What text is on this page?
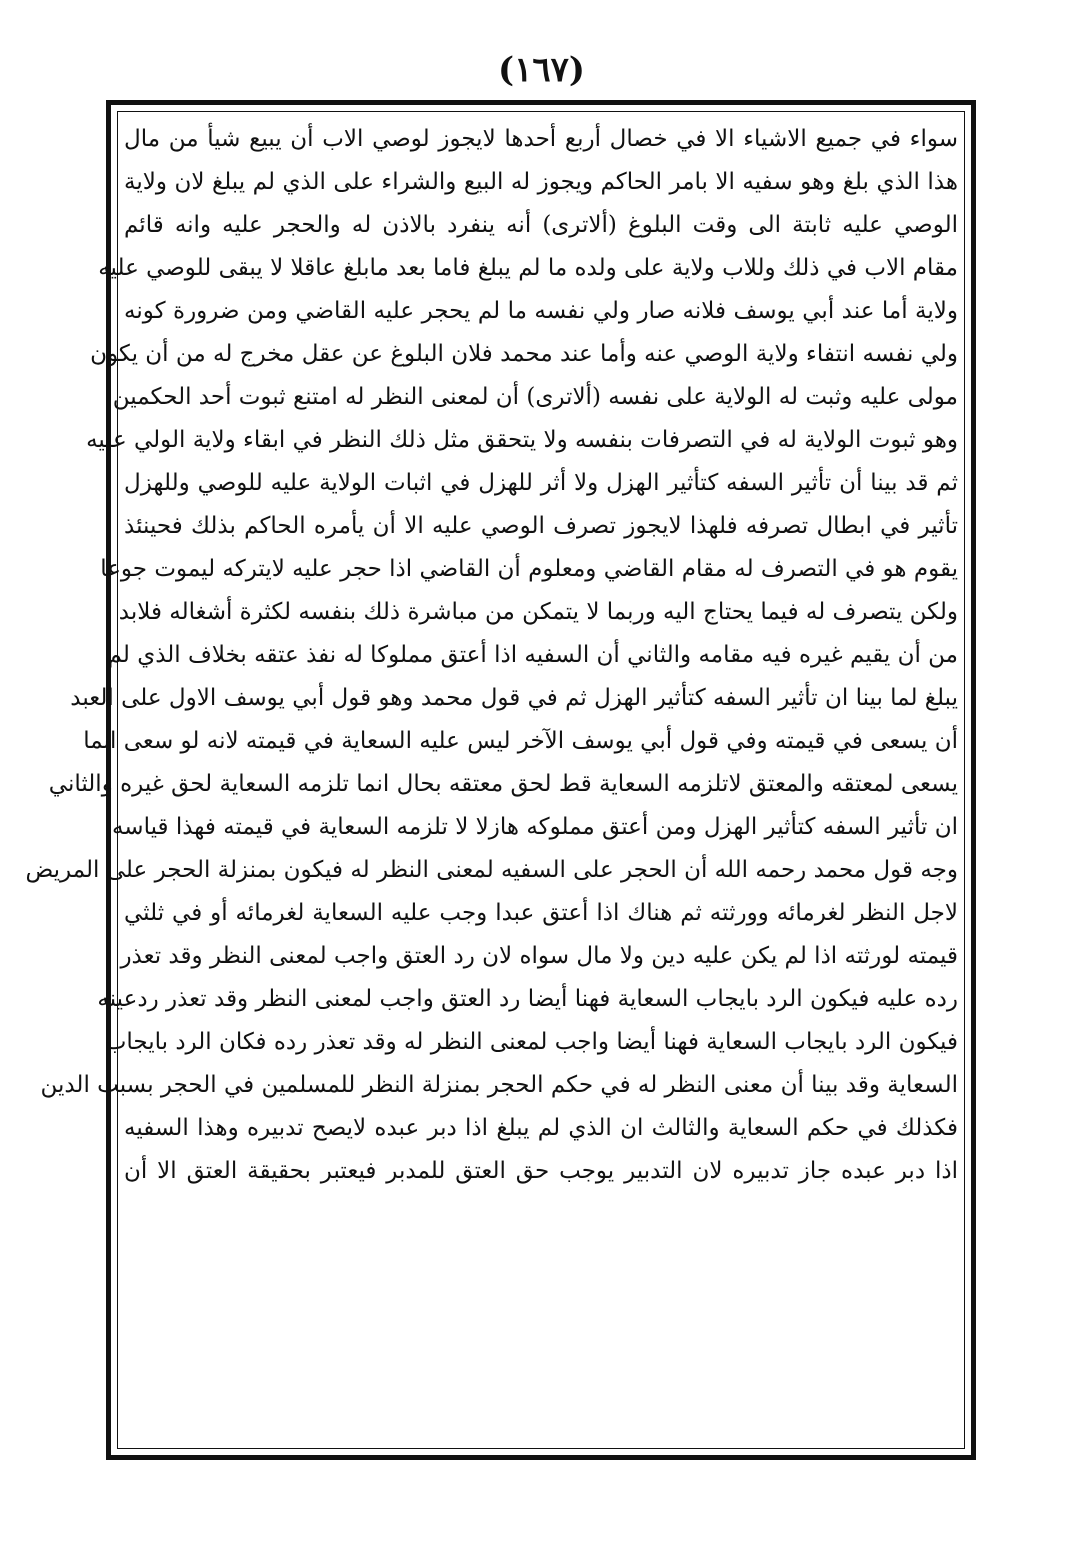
(١٦٧)
سواء في جميع الاشياء الا في خصال أربع أحدها لايجوز لوصي الاب أن يبيع شيأ من مال
هذا الذي بلغ وهو سفيه الا بامر الحاكم ويجوز له البيع والشراء على الذي لم يبلغ لان ولاية
الوصي عليه ثابتة الى وقت البلوغ (ألاترى) أنه ينفرد بالاذن له والحجر عليه وانه قائم
مقام الاب في ذلك وللاب ولاية على ولده ما لم يبلغ فاما بعد مابلغ عاقلا لا يبقى للوصي عليه
ولاية أما عند أبي يوسف فلانه صار ولي نفسه ما لم يحجر عليه القاضي ومن ضرورة كونه
ولي نفسه انتفاء ولاية الوصي عنه وأما عند محمد فلان البلوغ عن عقل مخرج له من أن يكون
مولى عليه وثبت له الولاية على نفسه (ألاترى) أن لمعنى النظر له امتنع ثبوت أحد الحكمين
وهو ثبوت الولاية له في التصرفات بنفسه ولا يتحقق مثل ذلك النظر في ابقاء ولاية الولي عليه
ثم قد بينا أن تأثير السفه كتأثير الهزل ولا أثر للهزل في اثبات الولاية عليه للوصي وللهزل
تأثير في ابطال تصرفه فلهذا لايجوز تصرف الوصي عليه الا أن يأمره الحاكم بذلك فحينئذ
يقوم هو في التصرف له مقام القاضي ومعلوم أن القاضي اذا حجر عليه لايتركه ليموت جوعا
ولكن يتصرف له فيما يحتاج اليه وربما لا يتمكن من مباشرة ذلك بنفسه لكثرة أشغاله فلابد
من أن يقيم غيره فيه مقامه والثاني أن السفيه اذا أعتق مملوكا له نفذ عتقه بخلاف الذي لم
يبلغ لما بينا ان تأثير السفه كتأثير الهزل ثم في قول محمد وهو قول أبي يوسف الاول على العبد
أن يسعى في قيمته وفي قول أبي يوسف الآخر ليس عليه السعاية في قيمته لانه لو سعى انما
يسعى لمعتقه والمعتق لاتلزمه السعاية قط لحق معتقه بحال انما تلزمه السعاية لحق غيره والثاني
ان تأثير السفه كتأثير الهزل ومن أعتق مملوكه هازلا لا تلزمه السعاية في قيمته فهذا قياسه
وجه قول محمد رحمه الله أن الحجر على السفيه لمعنى النظر له فيكون بمنزلة الحجر على المريض
لاجل النظر لغرمائه وورثته ثم هناك اذا أعتق عبدا وجب عليه السعاية لغرمائه أو في ثلثي
قيمته لورثته اذا لم يكن عليه دين ولا مال سواه لان رد العتق واجب لمعنى النظر وقد تعذر
رده عليه فيكون الرد بايجاب السعاية فهنا أيضا رد العتق واجب لمعنى النظر وقد تعذر ردعينه
فيكون الرد بايجاب السعاية فهنا أيضا واجب لمعنى النظر له وقد تعذر رده فكان الرد بايجاب
السعاية وقد بينا أن معنى النظر له في حكم الحجر بمنزلة النظر للمسلمين في الحجر بسبب الدين
فكذلك في حكم السعاية والثالث ان الذي لم يبلغ اذا دبر عبده لايصح تدبيره وهذا السفيه
اذا دبر عبده جاز تدبيره لان التدبير يوجب حق العتق للمدبر فيعتبر بحقيقة العتق الا أن
